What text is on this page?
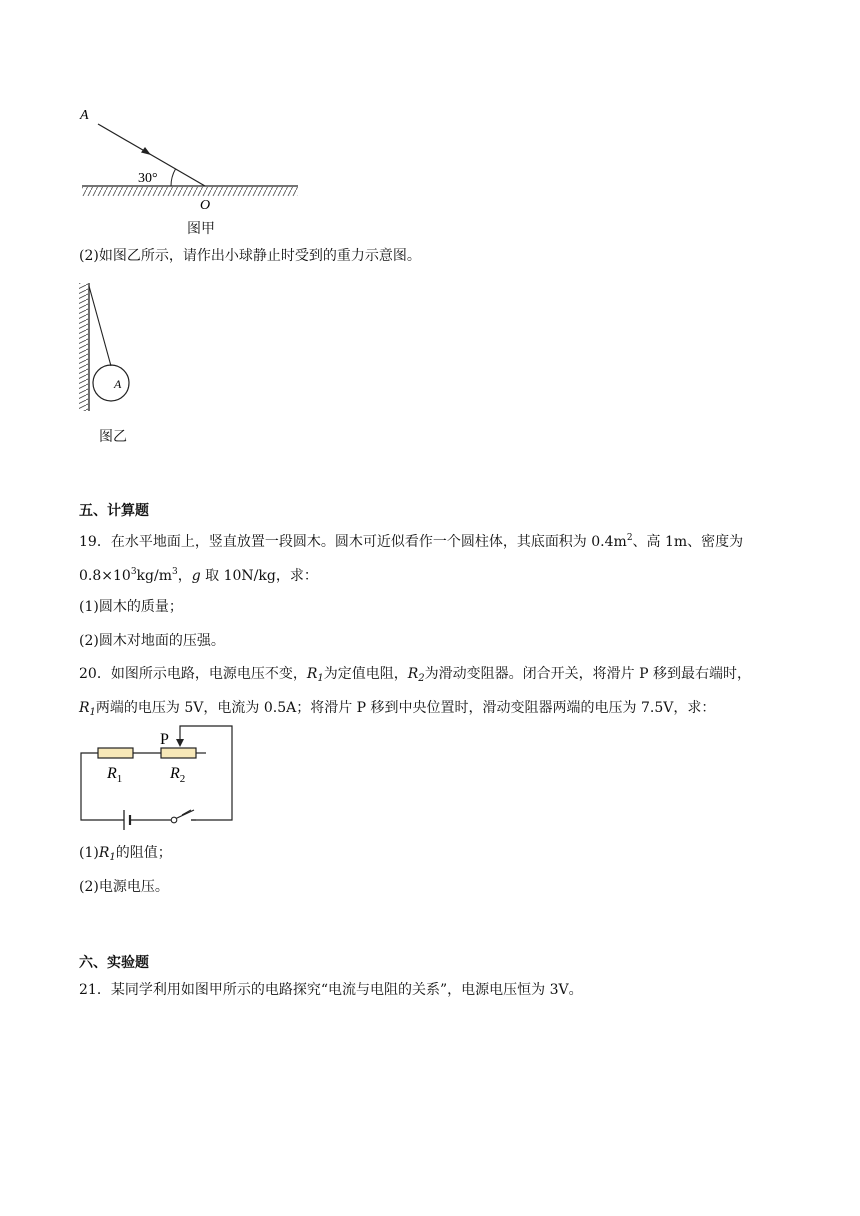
A
30°
O
图甲
(2)如图乙所示，请作出小球静止时受到的重力示意图。
A
图乙
五、计算题
19．在水平地面上，竖直放置一段圆木。圆木可近似看作一个圆柱体，其底面积为 $0.4m^2$、高 1m、密度为
$0.8\times 10^3kg/m^3$，g 取 10N/kg，求：
(1)圆木的质量；
(2)圆木对地面的压强。
20．如图所示电路，电源电压不变，$R_1$为定值电阻，$R_2$为滑动变阻器。闭合开关，将滑片 P 移到最右端时，
$R_1$两端的电压为 5V，电流为 0.5A；将滑片 P 移到中央位置时，滑动变阻器两端的电压为 7.5V，求：
P
$R_1$	$R_2$
$(1)R_1$的阻值；
(2)电源电压。
六、实验题
21．某同学利用如图甲所示的电路探究“电流与电阻的关系”，电源电压恒为 3V。
